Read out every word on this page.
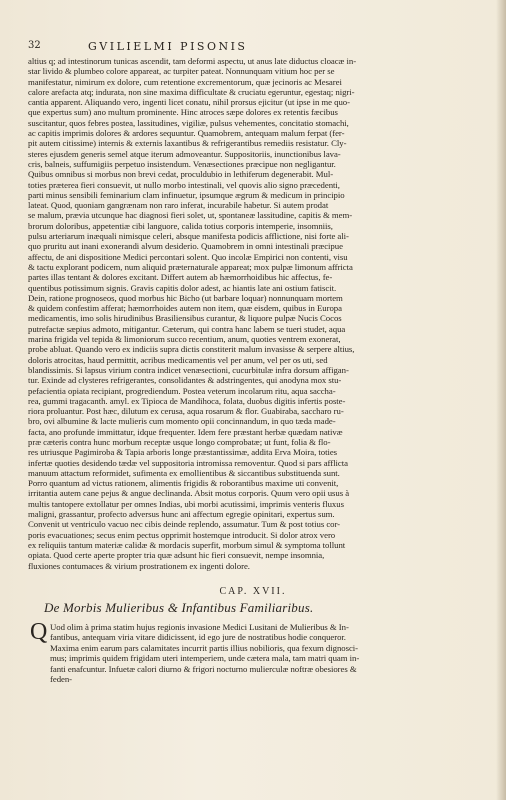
32	GVILIELMI PISONIS
altius q; ad intestinorum tunicas ascendit, tam deformi aspectu, ut anus late diductus cloacæ in-
star livido & plumbeo colore appareat, ac turpiter pateat. Nonnunquam vitium hoc per se
manifestatur, nimirum ex dolore, cum retentione excrementorum, quæ jecinoris ac Mesarei
calore arefacta atq; indurata, non sine maxima difficultate & cruciatu egeruntur, egestaq; nigri-
cantia apparent. Aliquando vero, ingenti licet conatu, nihil prorsus ejicitur (ut ipse in me quo-
que expertus sum) ano multum prominente. Hinc atroces sæpe dolores ex retentis fæcibus
suscitantur, quos febres postea, lassitudines, vigiliæ, pulsus vehementes, concitatio stomachi,
ac capitis imprimis dolores & ardores sequuntur. Quamobrem, antequam malum ferpat (fer-
pit autem citissime) internis & externis laxantibus & refrigerantibus remediis resistatur. Cly-
steres ejusdem generis semel atque iterum admoveantur. Suppositoriis, inunctionibus lava-
cris, balneis, suffumigiis perpetuo insistendum. Venæsectiones præcipue non negligantur.
Quibus omnibus si morbus non brevi cedat, proculdubio in lethiferum degenerabit. Mul-
toties præterea fieri consuevit, ut nullo morbo intestinali, vel quovis alio signo præcedenti,
parti minus sensibili feminarium clam infinuetur, ipsumque ægrum & medicum in principio
lateat. Quod, quoniam gangrænam non raro inferat, incurabile habetur. Si autem prodat
se malum, prævia utcunque hac diagnosi fieri solet, ut, spontaneæ lassitudine, capitis & mem-
brorum doloribus, appetentiæ cibi languore, calida totius corporis intemperie, insomniis,
pulsu arteriarum inæquali nimisque celeri, absque manifesta podicis afflictione, nisi forte ali-
quo pruritu aut inani exonerandi alvum desiderio. Quamobrem in omni intestinali præcipue
affectu, de ani dispositione Medici percontari solent. Quo incolæ Empirici non contenti, visu
& tactu explorant podicem, num aliquid præternaturale appareat; mox pulpæ limonum affricta
partes illas tentant & dolores excitant. Differt autem ab hæmorrhoidibus hic affectus, fe-
quentibus potissimum signis. Gravis capitis dolor adest, ac hiantis late ani ostium fatiscit.
Dein, ratione prognoseos, quod morbus hic Bicho (ut barbare loquar) nonnunquam mortem
& quidem confestim afferat; hæmorrhoides autem non item, quæ eisdem, quibus in Europa
medicamentis, imo solis hirudinibus Brasiliensibus curantur, & liquore pulpæ Nucis Cocos
putrefactæ sæpius admoto, mitigantur. Cæterum, qui contra hanc labem se tueri studet, aqua
marina frigida vel tepida & limoniorum succo recentium, anum, quoties ventrem exonerat,
probe abluat. Quando vero ex indiciis supra dictis constiterit malum invasisse & serpere altius,
doloris atrocitas, haud permittit, acribus medicamentis vel per anum, vel per os uti, sed
blandissimis. Si lapsus virium contra indicet venæsectioni, cucurbitulæ infra dorsum affigan-
tur. Exinde ad clysteres refrigerantes, consolidantes & adstringentes, qui anodyna mox stu-
pefacientia opiata recipiant, progrediendum. Postea veterum incolarum ritu, aqua saccha-
rea, gummi tragacanth. amyl. ex Tipioca de Mandihoca, folata, duobus digitis infertis poste-
riora proluantur. Post hæc, dilutum ex cerusa, aqua rosarum & flor. Guabiraba, saccharo ru-
bro, ovi albumine & lacte mulieris cum momento opii concinnandum, in quo tæda made-
facta, ano profunde immittatur, idque frequenter. Idem fere præstant herbæ quædam nativæ
præ cæteris contra hunc morbum receptæ usque longo comprobatæ; ut funt, folia & flo-
res utriusque Pagimiroba & Tapia arboris longe præstantissimæ, addita Erva Moira, toties
infertæ quoties desidendo tædæ vel suppositoria intromissa removentur. Quod si pars afflicta
manuum attactum reformidet, sufimenta ex emollientibus & siccantibus substituenda sunt.
Porro quantum ad victus rationem, alimentis frigidis & roborantibus maxime uti convenit,
irritantia autem cane pejus & angue declinanda. Absit motus corporis. Quum vero opii usus à
multis tantopere extollatur per omnes Indias, ubi morbi acutissimi, imprimis venteris fluxus
maligni, grassantur, profecto adversus hunc ani affectum egregie opinitari, expertus sum.
Convenit ut ventriculo vacuo nec cibis deinde replendo, assumatur. Tum & post totius cor-
poris evacuationes; secus enim pectus opprimit hostemque introducit. Si dolor atrox vero
ex reliquiis tantum materiæ calidæ & mordacis superfit, morbum simul & symptoma tollunt
opiata. Quod certe aperte propter tria quæ adsunt hic fieri consuevit, nempe insomnia,
fluxiones contumaces & virium prostrationem ex ingenti dolore.
CAP. XVII.
De Morbis Mulieribus & Infantibus Familiaribus.
Q Uod olim à prima statim hujus regionis invasione Medici Lusitani de Mulieribus & In-
fantibus, antequam viria vitare didicissent, id ego jure de nostratibus hodie conqueror.
Maxima enim earum pars calamitates incurrit partis illius nobilioris, qua fexum dignosci-
mus; imprimis quidem frigidam uteri intemperiem, unde cætera mala, tam matri quam in-
fanti enafcuntur. Infuetæ calori diurno & frigori nocturno mulierculæ noftræ obesiores &
feden-
